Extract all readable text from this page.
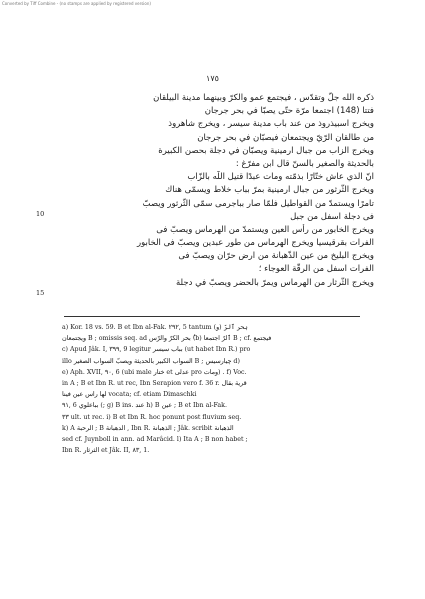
Converted by Tiff Combine - (no stamps are applied by registered version)
١٧٥
ذكره الله جلّ وتقدّس ، فيجتمع عمو والكرّ وبينهما مدينة البيلقان
فتتا (148) اجتمعا مرّة حتّى يصبّا في بحر جرجان
ويخرج اسبيذروذ من عند باب مدينة سيسر ، ويخرج شاهروذ
من طالقان الرّيّ ويجتمعان فيصبّان في بحر جرجان
ويخرج الزاب من جبال ارمينية ويصبّان في دجلة بحصن الكبيرة
بالحديثة والصغير بالسنّ قال ابن مفرّغ :
انّ الذي عاش ختّارًا بذمّته ومات عبدًا قتيل اللّه بالزّاب
ويخرج الثّرثور من جبال ارمينية بمرّ بباب خلاط ويسمّى هناك
تامرًا ويستمدّ من القواطيل فلمّا صار بباجرمى سمّى الثّرثور ويصبّ
فى دجلة اسفل من جبل
ويخرج الخابور من رأس العين ويستمدّ من الهرماس ويصبّ فى
الفرات بقرقيسيا ويخرج الهرماس من طور عبدين ويصبّ فى الخابور
ويخرج البليخ من عين الذّهبانة من ارض حرّان ويصبّ فى
الفرات اسفل من الرقّة العوجاء ؛
ويخرج الثّرثار من الهرماس ويمرّ بالحضر ويصبّ في دجلة
10
15
a) Kor. 18 vs. 59. B et Ibn al-Fak. ٢٩٢, 5 tantum (و) بحر ٱلرّ
ويجتمعان B ; omissis seq. ad بحر الكرّ والرّس (ُb) ٱلرّ اجتمعا B ; cf. فيجتمع
c) Apud Jâk. I, ٣٩٩, 9 legitur بباب سيسر (ut habet Ibn R.) pro
illo السواب الكبير بالحديثة ويصبّ السواب الصغير B ; چيارسيس d)
e) Aph. XVII, ٩٠, 6 (ubi male ختار et عدلى pro ومات) . f) Voc.
in A ; B et Ibn R. ut rec, Ibn Serapion vero f. 36 r. قرية بقال
لها راس عين فينا vocata; cf. etiam Dimaschki
٩١, 6 بباعلوي (; g) B ins. عند h) B عين ; B et Ibn al-Fak.
٣٣ ult. ut rec. i) B et Ibn R. hoc ponunt post fluvium seq.
k) A الرحبة ; B الدهبانة , Ibn R. الذهبانة ; Jâk. scribit الذهبانة
sed cf. Juynboll in ann. ad Marâcid. l) Ita A ; B non habet ;
Ibn R. الثرثار et Jâk. II, ٨٣, 1.
